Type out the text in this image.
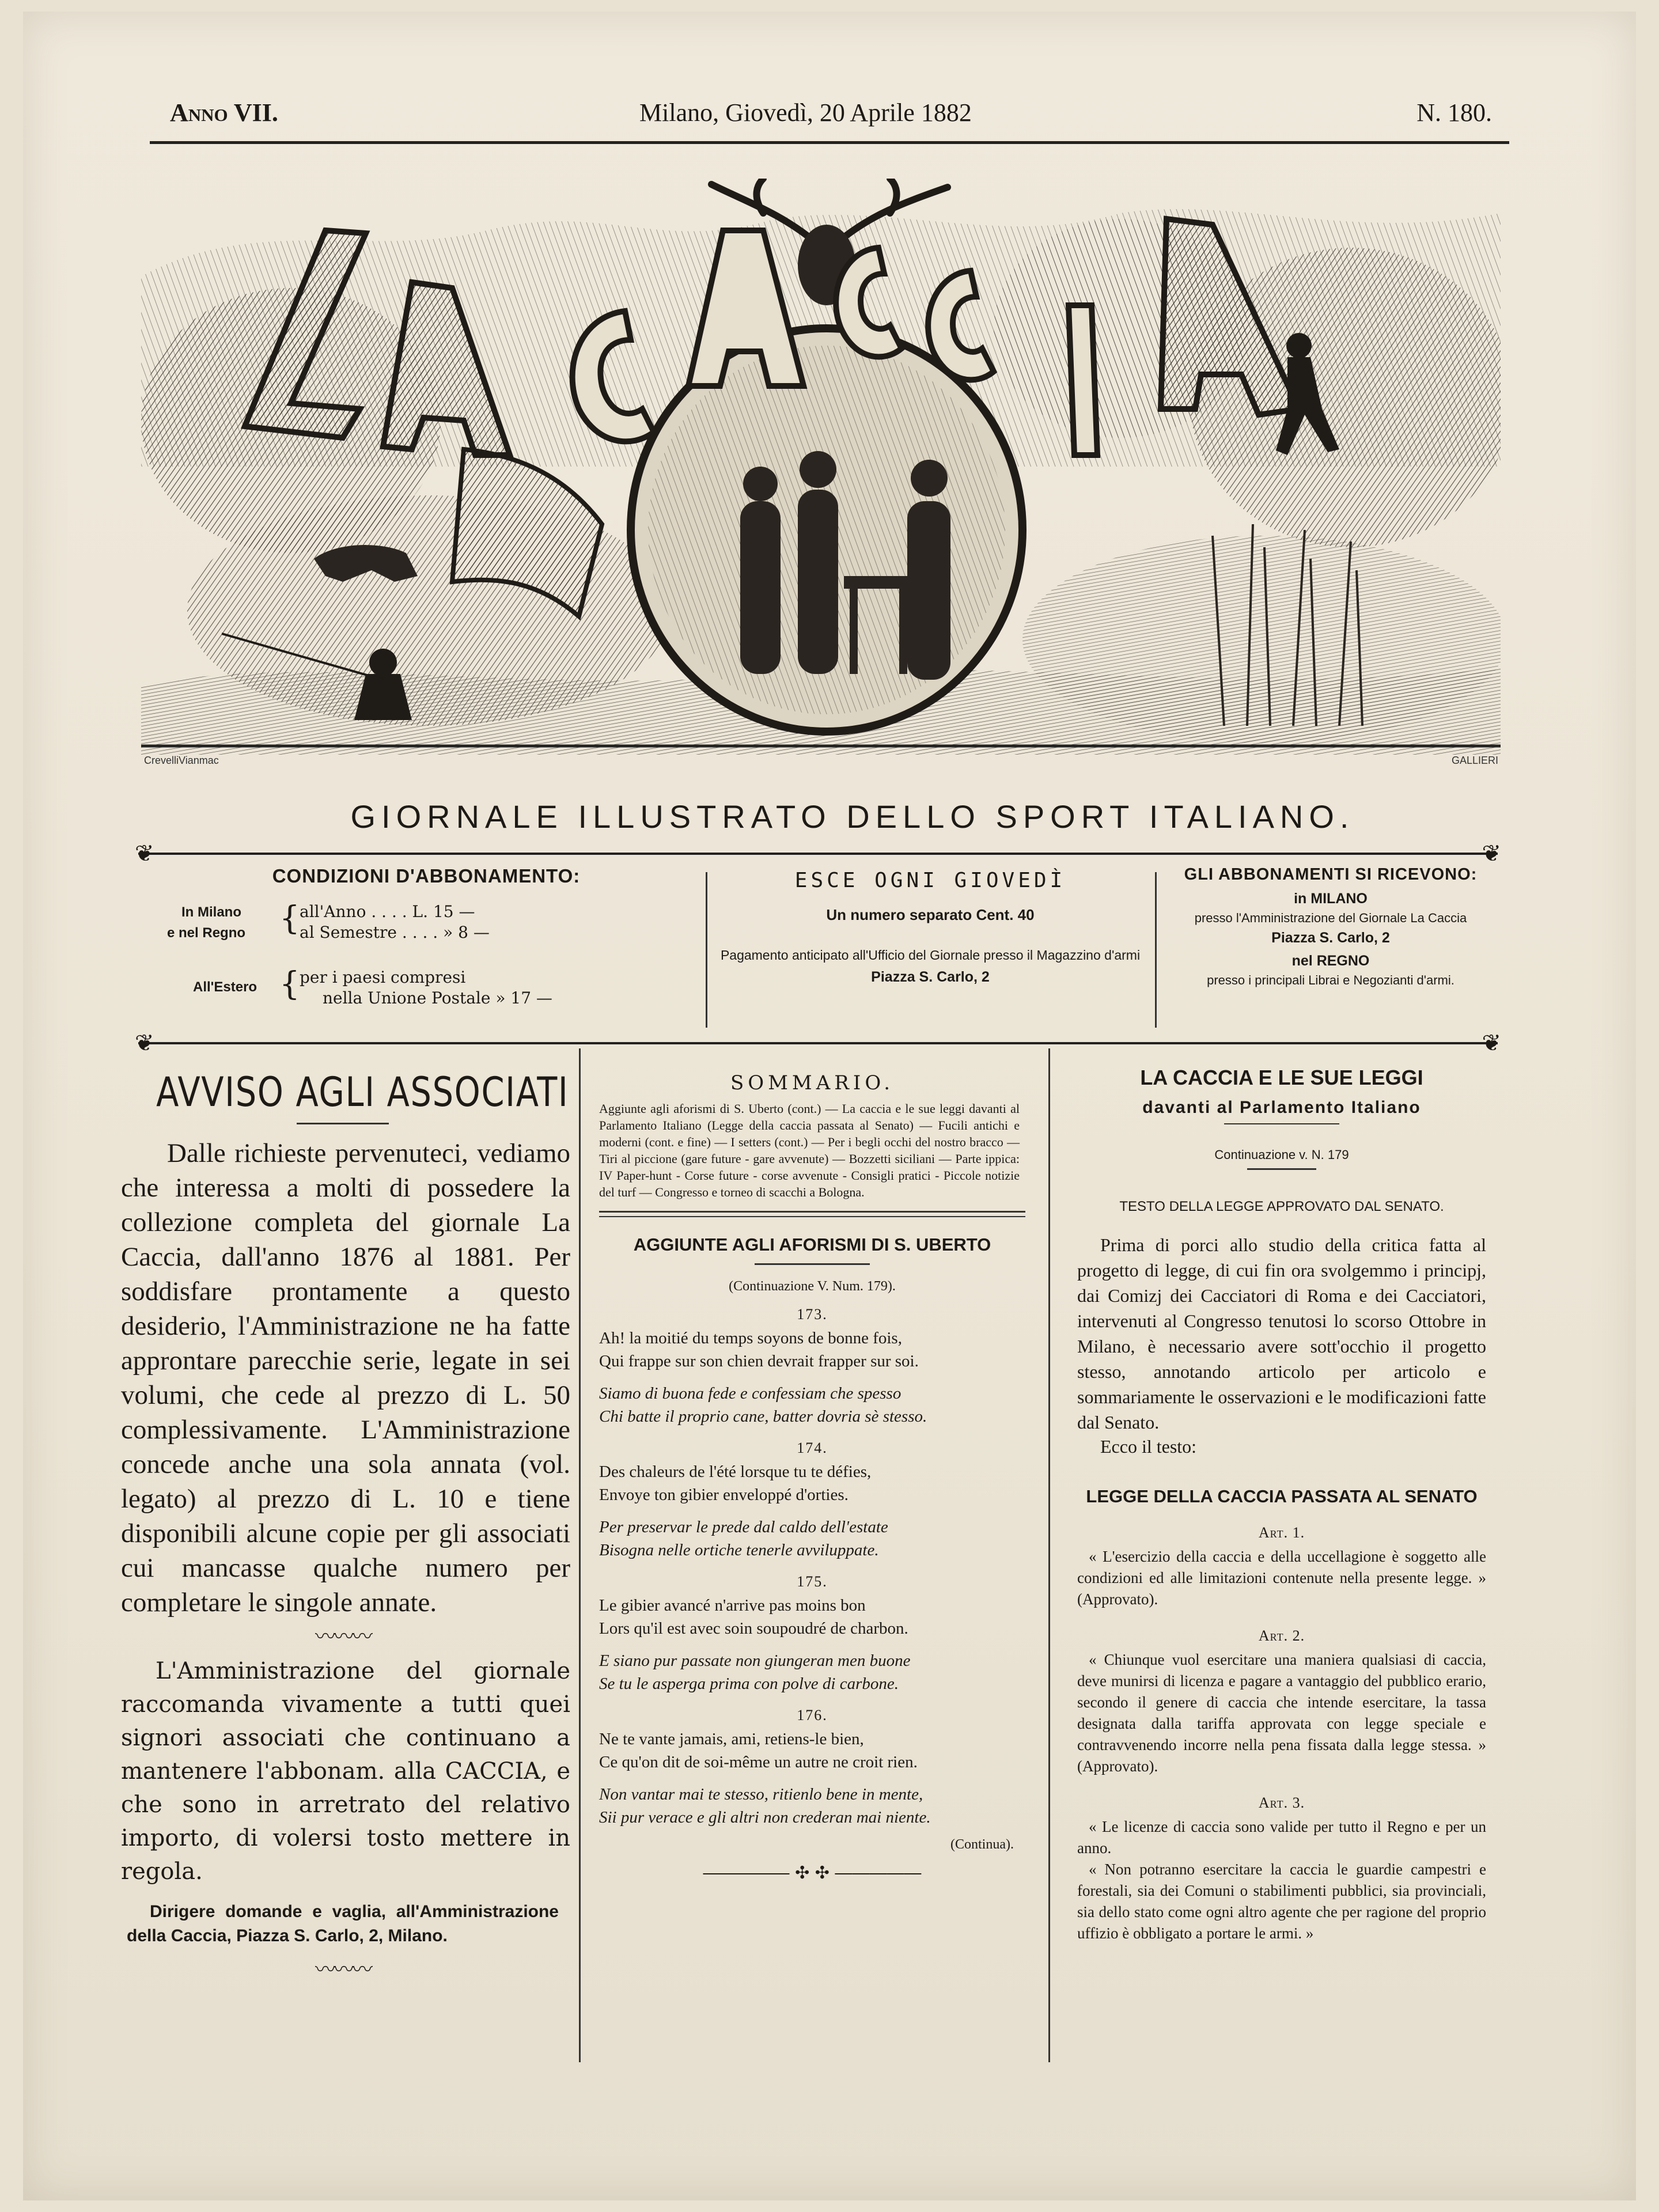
Anno VII.	Milano, Giovedì, 20 Aprile 1882	N. 180.
CrevelliVianmac	GALLIERI
GIORNALE ILLUSTRATO DELLO SPORT ITALIANO.
❦	❦
❦	❦
CONDIZIONI D'ABBONAMENTO:
In Milano
e nel Regno { all'Anno . . . . L. 15 —
al Semestre . . . . » 8 —
All'Estero { per i paesi compresi
nella Unione Postale » 17 —
ESCE OGNI GIOVEDÌ
Un numero separato Cent. 40
Pagamento anticipato all'Ufficio del Giornale presso il Magazzino d'armi
Piazza S. Carlo, 2
GLI ABBONAMENTI SI RICEVONO:
in MILANO
presso l'Amministrazione del Giornale La Caccia
Piazza S. Carlo, 2
nel REGNO
presso i principali Librai e Negozianti d'armi.
AVVISO AGLI ASSOCIATI

Dalle richieste pervenuteci, vediamo che interessa a molti di possedere la collezione completa del giornale La Caccia, dall'anno 1876 al 1881. Per soddisfare prontamente a questo desiderio, l'Amministrazione ne ha fatte approntare parecchie serie, legate in sei volumi, che cede al prezzo di L. 50 complessivamente. L'Amministrazione concede anche una sola annata (vol. legato) al prezzo di L. 10 e tiene disponibili alcune copie per gli associati cui mancasse qualche numero per completare le singole annate.

〰〰〰

L'Amministrazione del giornale raccomanda vivamente a tutti quei signori associati che continuano a mantenere l'abbonam. alla CACCIA, e che sono in arretrato del relativo importo, di volersi tosto mettere in regola.

Dirigere domande e vaglia, all'Amministrazione della Caccia, Piazza S. Carlo, 2, Milano.

〰〰〰
SOMMARIO.

Aggiunte agli aforismi di S. Uberto (cont.) — La caccia e le sue leggi davanti al Parlamento Italiano (Legge della caccia passata al Senato) — Fucili antichi e moderni (cont. e fine) — I setters (cont.) — Per i begli occhi del nostro bracco — Tiri al piccione (gare future - gare avvenute) — Bozzetti siciliani — Parte ippica: IV Paper-hunt - Corse future - corse avvenute - Consigli pratici - Piccole notizie del turf — Congresso e torneo di scacchi a Bologna.

AGGIUNTE AGLI AFORISMI DI S. UBERTO
(Continuazione V. Num. 179).
173.
Ah! la moitié du temps soyons de bonne fois,
Qui frappe sur son chien devrait frapper sur soi.
Siamo di buona fede e confessiam che spesso
Chi batte il proprio cane, batter dovria sè stesso.
174.
Des chaleurs de l'été lorsque tu te défies,
Envoye ton gibier enveloppé d'orties.
Per preservar le prede dal caldo dell'estate
Bisogna nelle ortiche tenerle avviluppate.
175.
Le gibier avancé n'arrive pas moins bon
Lors qu'il est avec soin soupoudré de charbon.
E siano pur passate non giungeran men buone
Se tu le asperga prima con polve di carbone.
176.
Ne te vante jamais, ami, retiens-le bien,
Ce qu'on dit de soi-même un autre ne croit rien.
Non vantar mai te stesso, ritienlo bene in mente,
Sii pur verace e gli altri non crederan mai niente.
(Continua).
――――― ✣ ✣ ―――――
LA CACCIA E LE SUE LEGGI
davanti al Parlamento Italiano
Continuazione v. N. 179
TESTO DELLA LEGGE APPROVATO DAL SENATO.

Prima di porci allo studio della critica fatta al progetto di legge, di cui fin ora svolgemmo i principj, dai Comizj dei Cacciatori di Roma e dei Cacciatori, intervenuti al Congresso tenutosi lo scorso Ottobre in Milano, è necessario avere sott'occhio il progetto stesso, annotando articolo per articolo e sommariamente le osservazioni e le modificazioni fatte dal Senato.

Ecco il testo:
LEGGE DELLA CACCIA PASSATA AL SENATO
Art. 1.

« L'esercizio della caccia e della uccellagione è soggetto alle condizioni ed alle limitazioni contenute nella presente legge. » (Approvato).

Art. 2.

« Chiunque vuol esercitare una maniera qualsiasi di caccia, deve munirsi di licenza e pagare a vantaggio del pubblico erario, secondo il genere di caccia che intende esercitare, la tassa designata dalla tariffa approvata con legge speciale e contravvenendo incorre nella pena fissata dalla legge stessa. » (Approvato).

Art. 3.

« Le licenze di caccia sono valide per tutto il Regno e per un anno.

« Non potranno esercitare la caccia le guardie campestri e forestali, sia dei Comuni o stabilimenti pubblici, sia provinciali, sia dello stato come ogni altro agente che per ragione del proprio uffizio è obbligato a portare le armi. »
